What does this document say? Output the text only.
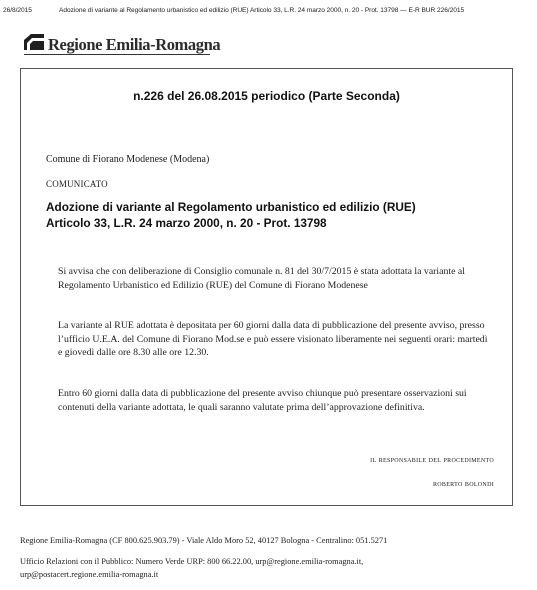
26/8/2015	Adozione di variante al Regolamento urbanistico ed edilizio (RUE) Articolo 33, L.R. 24 marzo 2000, n. 20 - Prot. 13798 — E-R BUR 226/2015
Regione Emilia-Romagna
n.226 del 26.08.2015 periodico (Parte Seconda)
Comune di Fiorano Modenese (Modena)
COMUNICATO
Adozione di variante al Regolamento urbanistico ed edilizio (RUE)
Articolo 33, L.R. 24 marzo 2000, n. 20 - Prot. 13798

Si avvisa che con deliberazione di Consiglio comunale n. 81 del 30/7/2015 è stata adottata la variante al Regolamento Urbanistico ed Edilizio (RUE) del Comune di Fiorano Modenese

La variante al RUE adottata è depositata per 60 giorni dalla data di pubblicazione del presente avviso, presso l’ufficio U.E.A. del Comune di Fiorano Mod.se e può essere visionato liberamente nei seguenti orari: martedì e giovedì dalle ore 8.30 alle ore 12.30.

Entro 60 giorni dalla data di pubblicazione del presente avviso chiunque può presentare osservazioni sui contenuti della variante adottata, le quali saranno valutate prima dell’approvazione definitiva.

il responsabile del procedimento
roberto bolondi
Regione Emilia-Romagna (CF 800.625.903.79) - Viale Aldo Moro 52, 40127 Bologna - Centralino: 051.5271
Ufficio Relazioni con il Pubblico: Numero Verde URP: 800 66.22.00, urp@regione.emilia-romagna.it,
urp@postacert.regione.emilia-romagna.it
